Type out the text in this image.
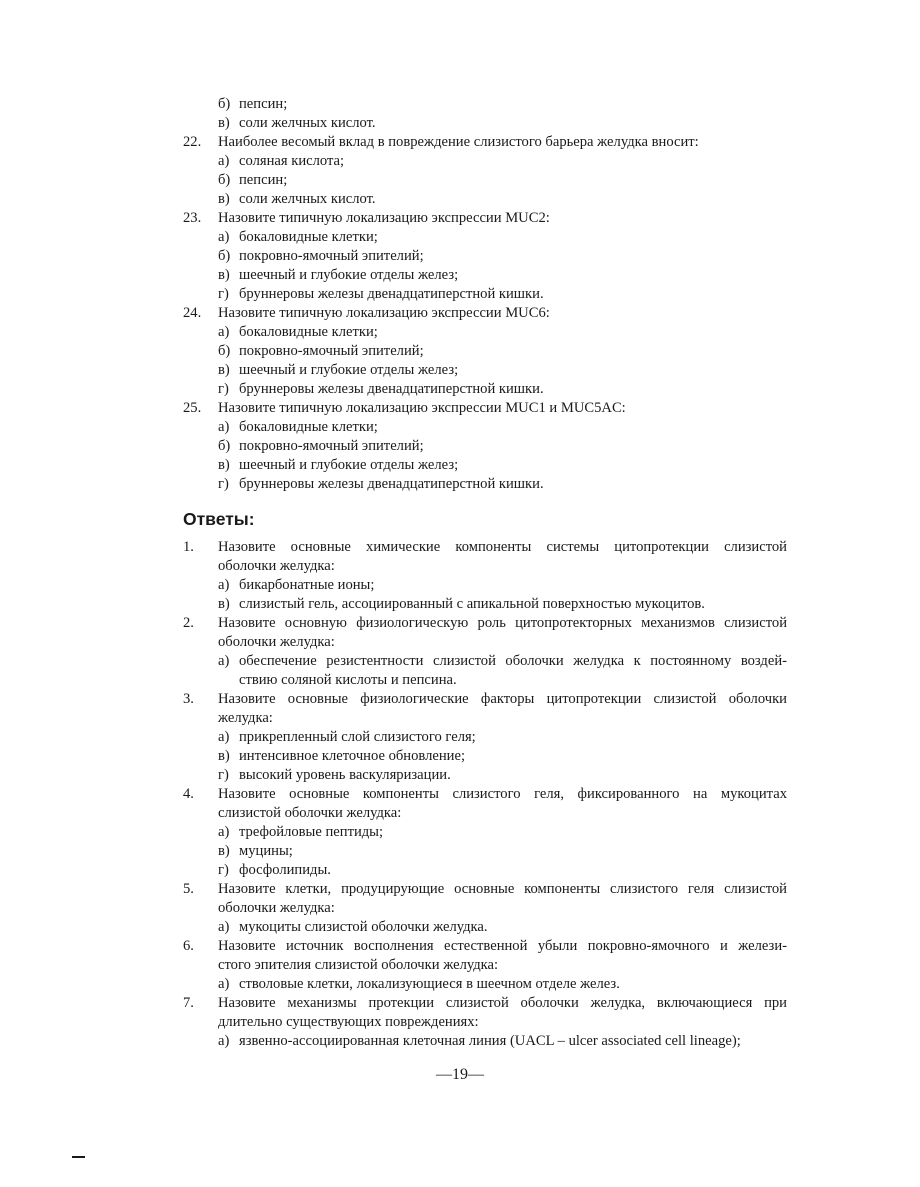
б) пепсин;
в) соли желчных кислот.
22. Наиболее весомый вклад в повреждение слизистого барьера желудка вносит:
а) соляная кислота;
б) пепсин;
в) соли желчных кислот.
23. Назовите типичную локализацию экспрессии MUC2:
а) бокаловидные клетки;
б) покровно-ямочный эпителий;
в) шеечный и глубокие отделы желез;
г) бруннеровы железы двенадцатиперстной кишки.
24. Назовите типичную локализацию экспрессии MUC6:
а) бокаловидные клетки;
б) покровно-ямочный эпителий;
в) шеечный и глубокие отделы желез;
г) бруннеровы железы двенадцатиперстной кишки.
25. Назовите типичную локализацию экспрессии MUC1 и MUC5AC:
а) бокаловидные клетки;
б) покровно-ямочный эпителий;
в) шеечный и глубокие отделы желез;
г) бруннеровы железы двенадцатиперстной кишки.
Ответы:
1. Назовите основные химические компоненты системы цитопротекции слизистой
оболочки желудка:
а) бикарбонатные ионы;
в) слизистый гель, ассоциированный с апикальной поверхностью мукоцитов.
2. Назовите основную физиологическую роль цитопротекторных механизмов слизистой
оболочки желудка:
а) обеспечение резистентности слизистой оболочки желудка к постоянному воздей-
ствию соляной кислоты и пепсина.
3. Назовите основные физиологические факторы цитопротекции слизистой оболочки
желудка:
а) прикрепленный слой слизистого геля;
в) интенсивное клеточное обновление;
г) высокий уровень васкуляризации.
4. Назовите основные компоненты слизистого геля, фиксированного на мукоцитах
слизистой оболочки желудка:
а) трефойловые пептиды;
в) муцины;
г) фосфолипиды.
5. Назовите клетки, продуцирующие основные компоненты слизистого геля слизистой
оболочки желудка:
а) мукоциты слизистой оболочки желудка.
6. Назовите источник восполнения естественной убыли покровно-ямочного и желези-
стого эпителия слизистой оболочки желудка:
а) стволовые клетки, локализующиеся в шеечном отделе желез.
7. Назовите механизмы протекции слизистой оболочки желудка, включающиеся при
длительно существующих повреждениях:
а) язвенно-ассоциированная клеточная линия (UACL – ulcer associated cell lineage);
—19—
